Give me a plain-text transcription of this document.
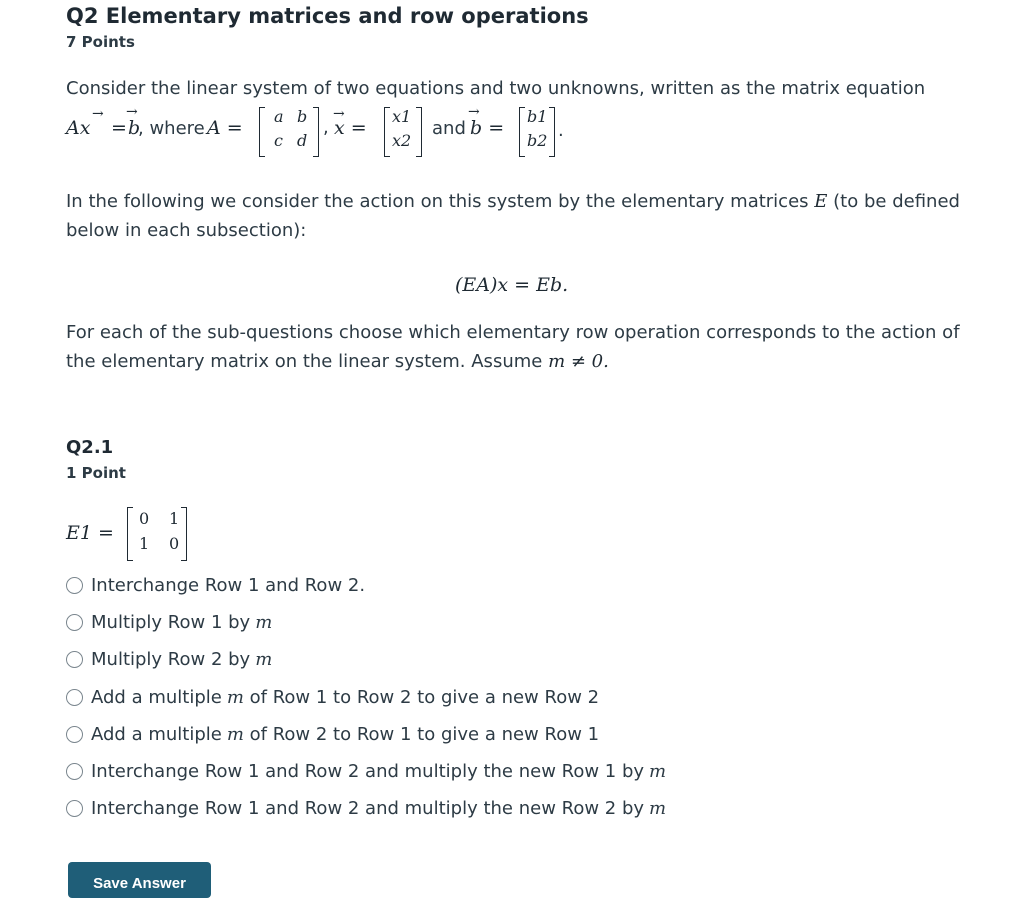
Q2 Elementary matrices and row operations
7 Points
Consider the linear system of two equations and two unknowns, written as the matrix equation
Ax
→
= b
→
, where A =
a b
c d
, x =
→	x1
x2
and b =
→	b1
b2 .
In the following we consider the action on this system by the elementary matrices E (to be defined below in each subsection):
(EA)x = Eb.
For each of the sub-questions choose which elementary row operation corresponds to the action of the elementary matrix on the linear system. Assume m ≠ 0.
Q2.1
1 Point
E1 =
0 1
1 0
Interchange Row 1 and Row 2.
Multiply Row 1 by m
Multiply Row 2 by m
Add a multiple m of Row 1 to Row 2 to give a new Row 2
Add a multiple m of Row 2 to Row 1 to give a new Row 1
Interchange Row 1 and Row 2 and multiply the new Row 1 by m
Interchange Row 1 and Row 2 and multiply the new Row 2 by m
Save Answer
